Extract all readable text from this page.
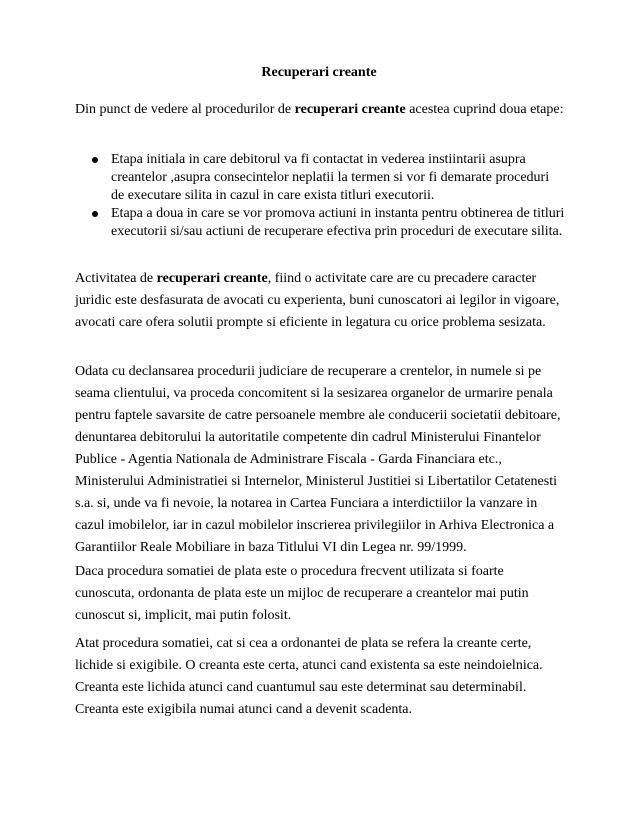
Recuperari creante
Din punct de vedere al procedurilor de recuperari creante acestea cuprind doua etape:
Etapa initiala in care debitorul va fi contactat in vederea instiintarii asupra creantelor ,asupra consecintelor neplatii la termen si vor fi demarate proceduri de executare silita in cazul in care exista titluri executorii.
Etapa a doua in care se vor promova actiuni in instanta pentru obtinerea de titluri executorii si/sau actiuni de recuperare efectiva prin proceduri de executare silita.
Activitatea de recuperari creante, fiind o activitate care are cu precadere caracter juridic este desfasurata de avocati cu experienta, buni cunoscatori ai legilor in vigoare, avocati care ofera solutii prompte si eficiente in legatura cu orice problema sesizata.
Odata cu declansarea procedurii judiciare de recuperare a crentelor, in numele si pe seama clientului, va proceda concomitent si la sesizarea organelor de urmarire penala pentru faptele savarsite de catre persoanele membre ale conducerii societatii debitoare, denuntarea debitorului la autoritatile competente din cadrul Ministerului Finantelor Publice - Agentia Nationala de Administrare Fiscala - Garda Financiara etc., Ministerului Administratiei si Internelor, Ministerul Justitiei si Libertatilor Cetatenesti s.a. si, unde va fi nevoie, la notarea in Cartea Funciara a interdictiilor la vanzare in cazul imobilelor, iar in cazul mobilelor inscrierea privilegiilor in Arhiva Electronica a Garantiilor Reale Mobiliare in baza Titlului VI din Legea nr. 99/1999.
Daca procedura somatiei de plata este o procedura frecvent utilizata si foarte cunoscuta, ordonanta de plata este un mijloc de recuperare a creantelor mai putin cunoscut si, implicit, mai putin folosit.
Atat procedura somatiei, cat si cea a ordonantei de plata se refera la creante certe, lichide si exigibile. O creanta este certa, atunci cand existenta sa este neindoielnica. Creanta este lichida atunci cand cuantumul sau este determinat sau determinabil. Creanta este exigibila numai atunci cand a devenit scadenta.
